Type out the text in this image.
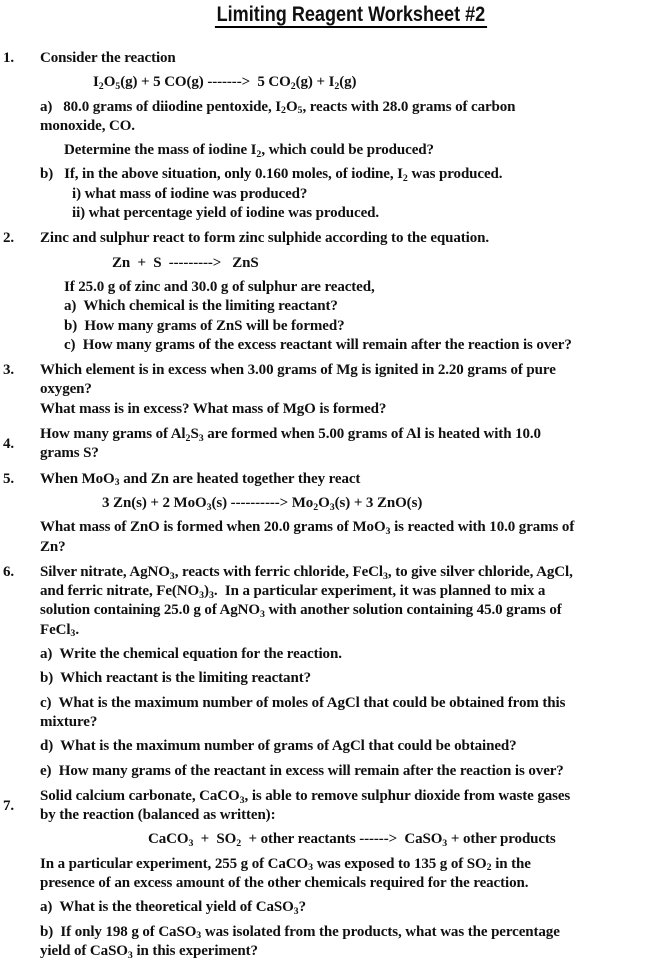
Limiting Reagent Worksheet #2
1.	Consider the reaction
$I_2O_5(g) + 5$ CO(g) ------->  5 $CO_2(g) + I_2(g)$
a)   80.0 grams of diiodine pentoxide, $I_2O_5$, reacts with 28.0 grams of carbon
monoxide, CO.
Determine the mass of iodine $I_2$, which could be produced?
b)   If, in the above situation, only 0.160 moles, of iodine, $I_2$ was produced.
i) what mass of iodine was produced?
ii) what percentage yield of iodine was produced.
2.	Zinc and sulphur react to form zinc sulphide according to the equation.
Zn  +  S  --------->   ZnS
If 25.0 g of zinc and 30.0 g of sulphur are reacted,
a)  Which chemical is the limiting reactant?
b)  How many grams of ZnS will be formed?
c)  How many grams of the excess reactant will remain after the reaction is over?
3.	Which element is in excess when 3.00 grams of Mg is ignited in 2.20 grams of pure
oxygen?
What mass is in excess? What mass of MgO is formed?
4.
How many grams of $Al_2S_3$ are formed when 5.00 grams of Al is heated with 10.0
grams S?
5.	When MoO$_3$ and Zn are heated together they react
3 Zn(s) + 2 MoO$_3$(s) ----------> $Mo_2O_3(s) + 3$ ZnO(s)
What mass of ZnO is formed when 20.0 grams of MoO$_3$ is reacted with 10.0 grams of
Zn?
6.	Silver nitrate, AgNO$_3$, reacts with ferric chloride, FeCl$_3$, to give silver chloride, AgCl,
and ferric nitrate, $Fe(NO_3)_3$.  In a particular experiment, it was planned to mix a
solution containing 25.0 g of AgNO$_3$ with another solution containing 45.0 grams of
FeCl$_3$.
a)  Write the chemical equation for the reaction.
b)  Which reactant is the limiting reactant?
c)  What is the maximum number of moles of AgCl that could be obtained from this
mixture?
d)  What is the maximum number of grams of AgCl that could be obtained?
e)  How many grams of the reactant in excess will remain after the reaction is over?
7.
Solid calcium carbonate, CaCO$_3$, is able to remove sulphur dioxide from waste gases
by the reaction (balanced as written):
CaCO$_3$  +  $SO_2$  + other reactants ------>  CaSO$_3$ + other products
In a particular experiment, 255 g of CaCO$_3$ was exposed to 135 g of $SO_2$ in the
presence of an excess amount of the other chemicals required for the reaction.
a)  What is the theoretical yield of CaSO$_3$?
b)  If only 198 g of CaSO$_3$ was isolated from the products, what was the percentage
yield of CaSO$_3$ in this experiment?
